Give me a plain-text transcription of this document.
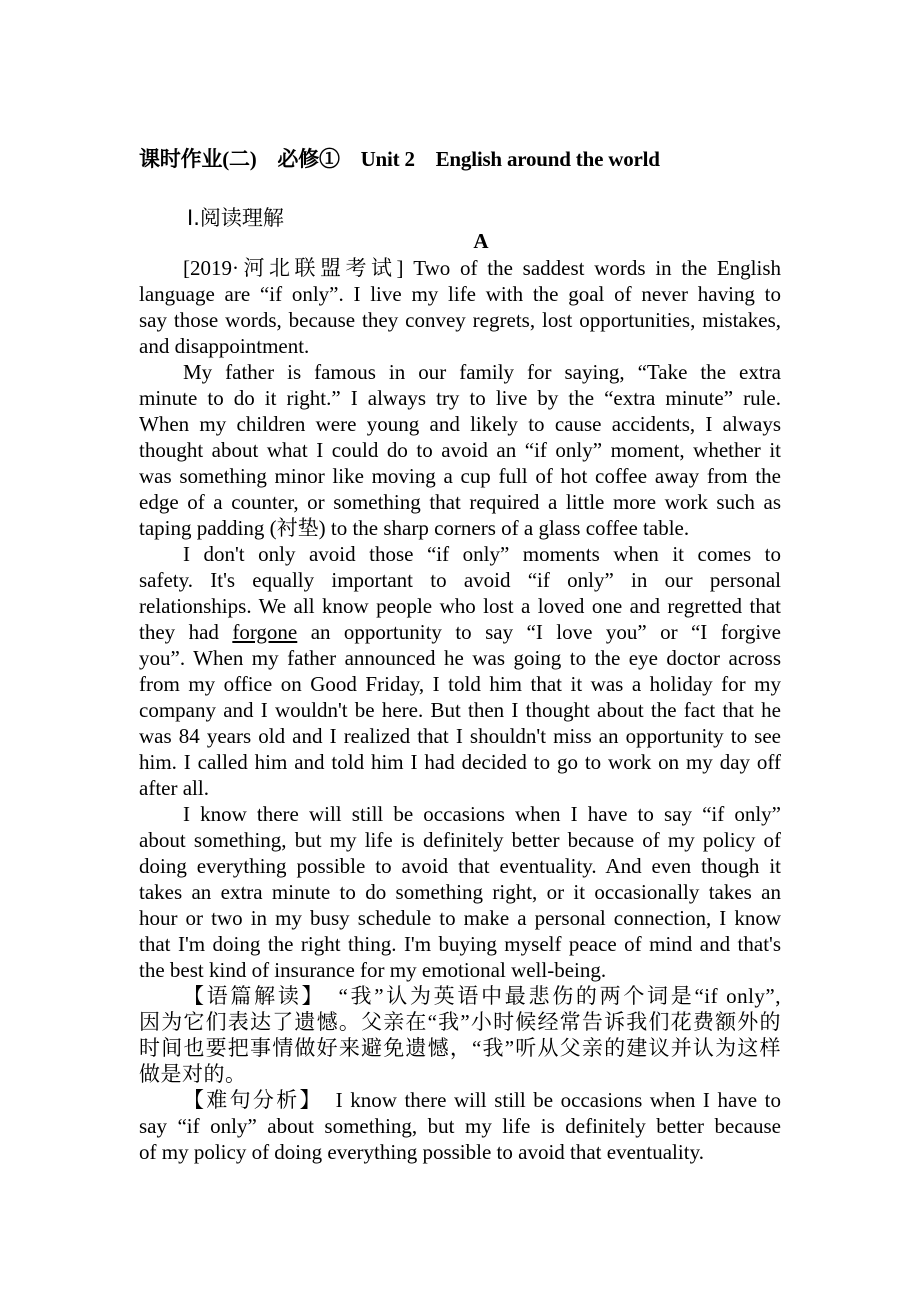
课时作业(二)　必修①　Unit 2　English around the world
Ⅰ.阅读理解
A
[2019·河北联盟考试] Two of the saddest words in the English
language are “if only”. I live my life with the goal of never having to
say those words, because they convey regrets, lost opportunities, mistakes,
and disappointment.
My father is famous in our family for saying, “Take the extra
minute to do it right.” I always try to live by the “extra minute” rule.
When my children were young and likely to cause accidents, I always
thought about what I could do to avoid an “if only” moment, whether it
was something minor like moving a cup full of hot coffee away from the
edge of a counter, or something that required a little more work such as
taping padding (衬垫) to the sharp corners of a glass coffee table.
I don't only avoid those “if only” moments when it comes to
safety. It's equally important to avoid “if only” in our personal
relationships. We all know people who lost a loved one and regretted that
they had forgone an opportunity to say “I love you” or “I forgive
you”. When my father announced he was going to the eye doctor across
from my office on Good Friday, I told him that it was a holiday for my
company and I wouldn't be here. But then I thought about the fact that he
was 84 years old and I realized that I shouldn't miss an opportunity to see
him. I called him and told him I had decided to go to work on my day off
after all.
I know there will still be occasions when I have to say “if only”
about something, but my life is definitely better because of my policy of
doing everything possible to avoid that eventuality. And even though it
takes an extra minute to do something right, or it occasionally takes an
hour or two in my busy schedule to make a personal connection, I know
that I'm doing the right thing. I'm buying myself peace of mind and that's
the best kind of insurance for my emotional well-being.
【语篇解读】　“我”认为英语中最悲伤的两个词是“if only”,
因为它们表达了遗憾。父亲在“我”小时候经常告诉我们花费额外的
时间也要把事情做好来避免遗憾，“我”听从父亲的建议并认为这样
做是对的。
【难句分析】　I know there will still be occasions when I have to
say “if only” about something, but my life is definitely better because
of my policy of doing everything possible to avoid that eventuality.
